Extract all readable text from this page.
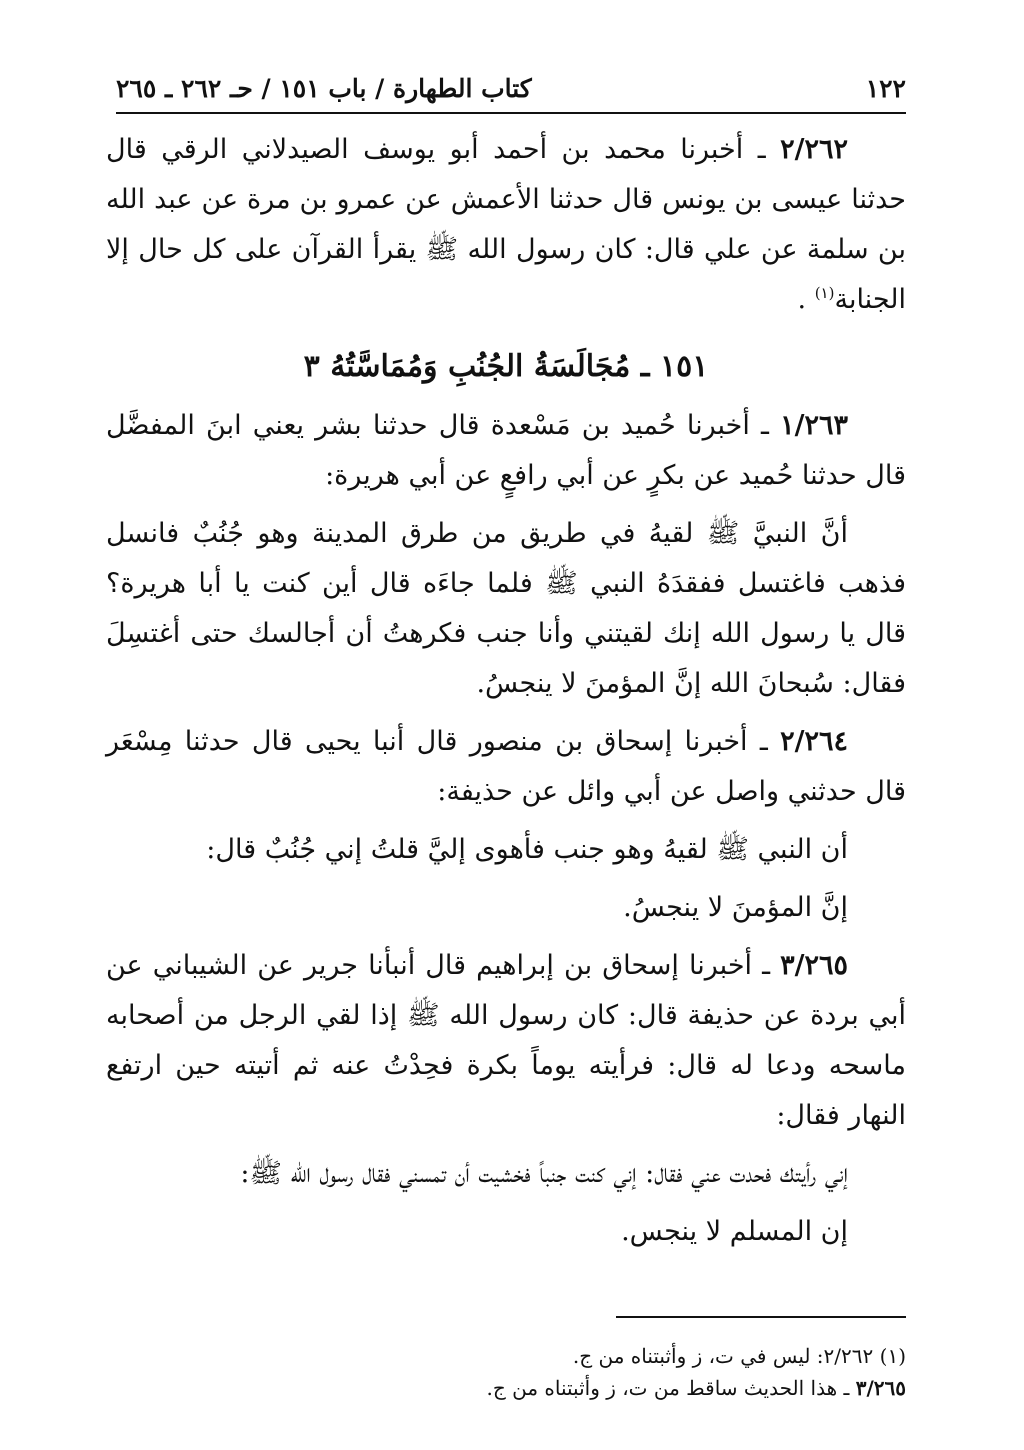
١٢٢
كتاب الطهارة / باب ١٥١ / حـ ٢٦٢ ـ ٢٦٥

٢/٢٦٢ ـ أخبرنا محمد بن أحمد أبو يوسف الصيدلاني الرقي قال حدثنا عيسى بن يونس قال حدثنا الأعمش عن عمرو بن مرة عن عبد الله بن سلمة عن علي قال: كان رسول الله ﷺ يقرأ القرآن على كل حال إلا الجنابة$^{(١)}$ .

١٥١ ـ مُجَالَسَةُ الجُنُبِ وَمُمَاسَّتُهُ ٣

١/٢٦٣ ـ أخبرنا حُميد بن مَسْعدة قال حدثنا بشر يعني ابنَ المفضَّل قال حدثنا حُميد عن بكرٍ عن أبي رافعٍ عن أبي هريرة:

أنَّ النبيَّ ﷺ لقيهُ في طريق من طرق المدينة وهو جُنُبٌ فانسل فذهب فاغتسل ففقدَهُ النبي ﷺ فلما جاءَه قال أين كنت يا أبا هريرة؟ قال يا رسول الله إنك لقيتني وأنا جنب فكرهتُ أن أجالسك حتى أغتسِلَ فقال: سُبحانَ الله إنَّ المؤمنَ لا ينجسُ.

٢/٢٦٤ ـ أخبرنا إسحاق بن منصور قال أنبا يحيى قال حدثنا مِسْعَر قال حدثني واصل عن أبي وائل عن حذيفة:

أن النبي ﷺ لقيهُ وهو جنب فأهوى إليَّ قلتُ إني جُنُبٌ قال:

إنَّ المؤمنَ لا ينجسُ.

٣/٢٦٥ ـ أخبرنا إسحاق بن إبراهيم قال أنبأنا جرير عن الشيباني عن أبي بردة عن حذيفة قال: كان رسول الله ﷺ إذا لقي الرجل من أصحابه ماسحه ودعا له قال: فرأيته يوماً بكرة فحِدْتُ عنه ثم أتيته حين ارتفع النهار فقال:

إني رأيتك فحدت عني فقال: إني كنت جنباً فخشيت أن تمسني فقال رسول الله ﷺ:

إن المسلم لا ينجس.

(١) ٢/٢٦٢: ليس في ت، ز وأثبتناه من ج.

٣/٢٦٥ ـ هذا الحديث ساقط من ت، ز وأثبتناه من ج.
